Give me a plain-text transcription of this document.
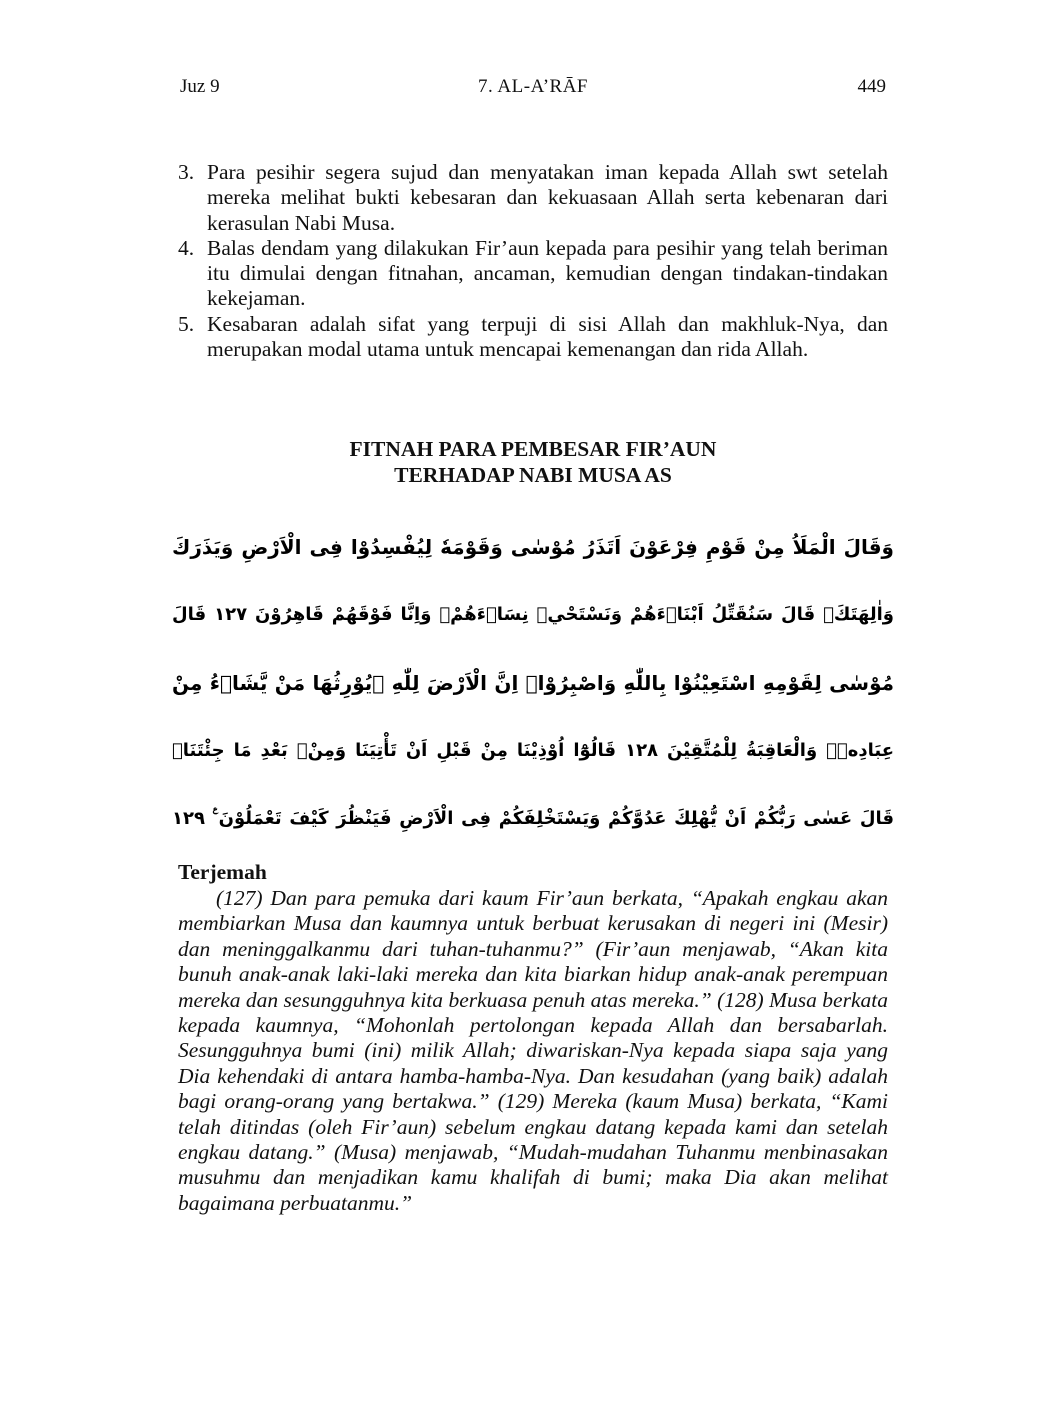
Juz 9	7. AL-A’RĀF	449
3. Para pesihir segera sujud dan menyatakan iman kepada Allah swt setelah mereka melihat bukti kebesaran dan kekuasaan Allah serta kebenaran dari kerasulan Nabi Musa.
4. Balas dendam yang dilakukan Fir’aun kepada para pesihir yang telah beriman itu dimulai dengan fitnahan, ancaman, kemudian dengan tindakan-tindakan kekejaman.
5. Kesabaran adalah sifat yang terpuji di sisi Allah dan makhluk-Nya, dan merupakan modal utama untuk mencapai kemenangan dan rida Allah.
FITNAH PARA PEMBESAR FIR’AUN
TERHADAP NABI MUSA AS
وَقَالَ الْمَلَاُ مِنْ قَوْمِ فِرْعَوْنَ اَتَذَرُ مُوْسٰى وَقَوْمَهٗ لِيُفْسِدُوْا فِى الْاَرْضِ وَيَذَرَكَ
وَاٰلِهَتَكَۗ قَالَ سَنُقَتِّلُ اَبْنَاۤءَهُمْ وَنَسْتَحْيٖ نِسَاۤءَهُمْۚ وَاِنَّا فَوْقَهُمْ قَاهِرُوْنَ ١٢٧ قَالَ
مُوْسٰى لِقَوْمِهِ اسْتَعِيْنُوْا بِاللّٰهِ وَاصْبِرُوْاۚ اِنَّ الْاَرْضَ لِلّٰهِ ۗيُوْرِثُهَا مَنْ يَّشَاۤءُ مِنْ
عِبَادِهٖۗ وَالْعَاقِبَةُ لِلْمُتَّقِيْنَ ١٢٨ قَالُوْٓا اُوْذِيْنَا مِنْ قَبْلِ اَنْ تَأْتِيَنَا وَمِنْۢ بَعْدِ مَا جِئْتَنَاۗ
قَالَ عَسٰى رَبُّكُمْ اَنْ يُّهْلِكَ عَدُوَّكُمْ وَيَسْتَخْلِفَكُمْ فِى الْاَرْضِ فَيَنْظُرَ كَيْفَ تَعْمَلُوْنَ ࣖ ١٢٩
Terjemah

(127) Dan para pemuka dari kaum Fir’aun berkata, “Apakah engkau akan membiarkan Musa dan kaumnya untuk berbuat kerusakan di negeri ini (Mesir) dan meninggalkanmu dari tuhan-tuhanmu?” (Fir’aun menjawab, “Akan kita bunuh anak-anak laki-laki mereka dan kita biarkan hidup anak-anak perempuan mereka dan sesungguhnya kita berkuasa penuh atas mereka.” (128) Musa berkata kepada kaumnya, “Mohonlah pertolongan kepada Allah dan bersabarlah. Sesungguhnya bumi (ini) milik Allah; diwariskan-Nya kepada siapa saja yang Dia kehendaki di antara hamba-hamba-Nya. Dan kesudahan (yang baik) adalah bagi orang-orang yang bertakwa.” (129) Mereka (kaum Musa) berkata, “Kami telah ditindas (oleh Fir’aun) sebelum engkau datang kepada kami dan setelah engkau datang.” (Musa) menjawab, “Mudah-mudahan Tuhanmu menbinasakan musuhmu dan menjadikan kamu khalifah di bumi; maka Dia akan melihat bagaimana perbuatanmu.”
